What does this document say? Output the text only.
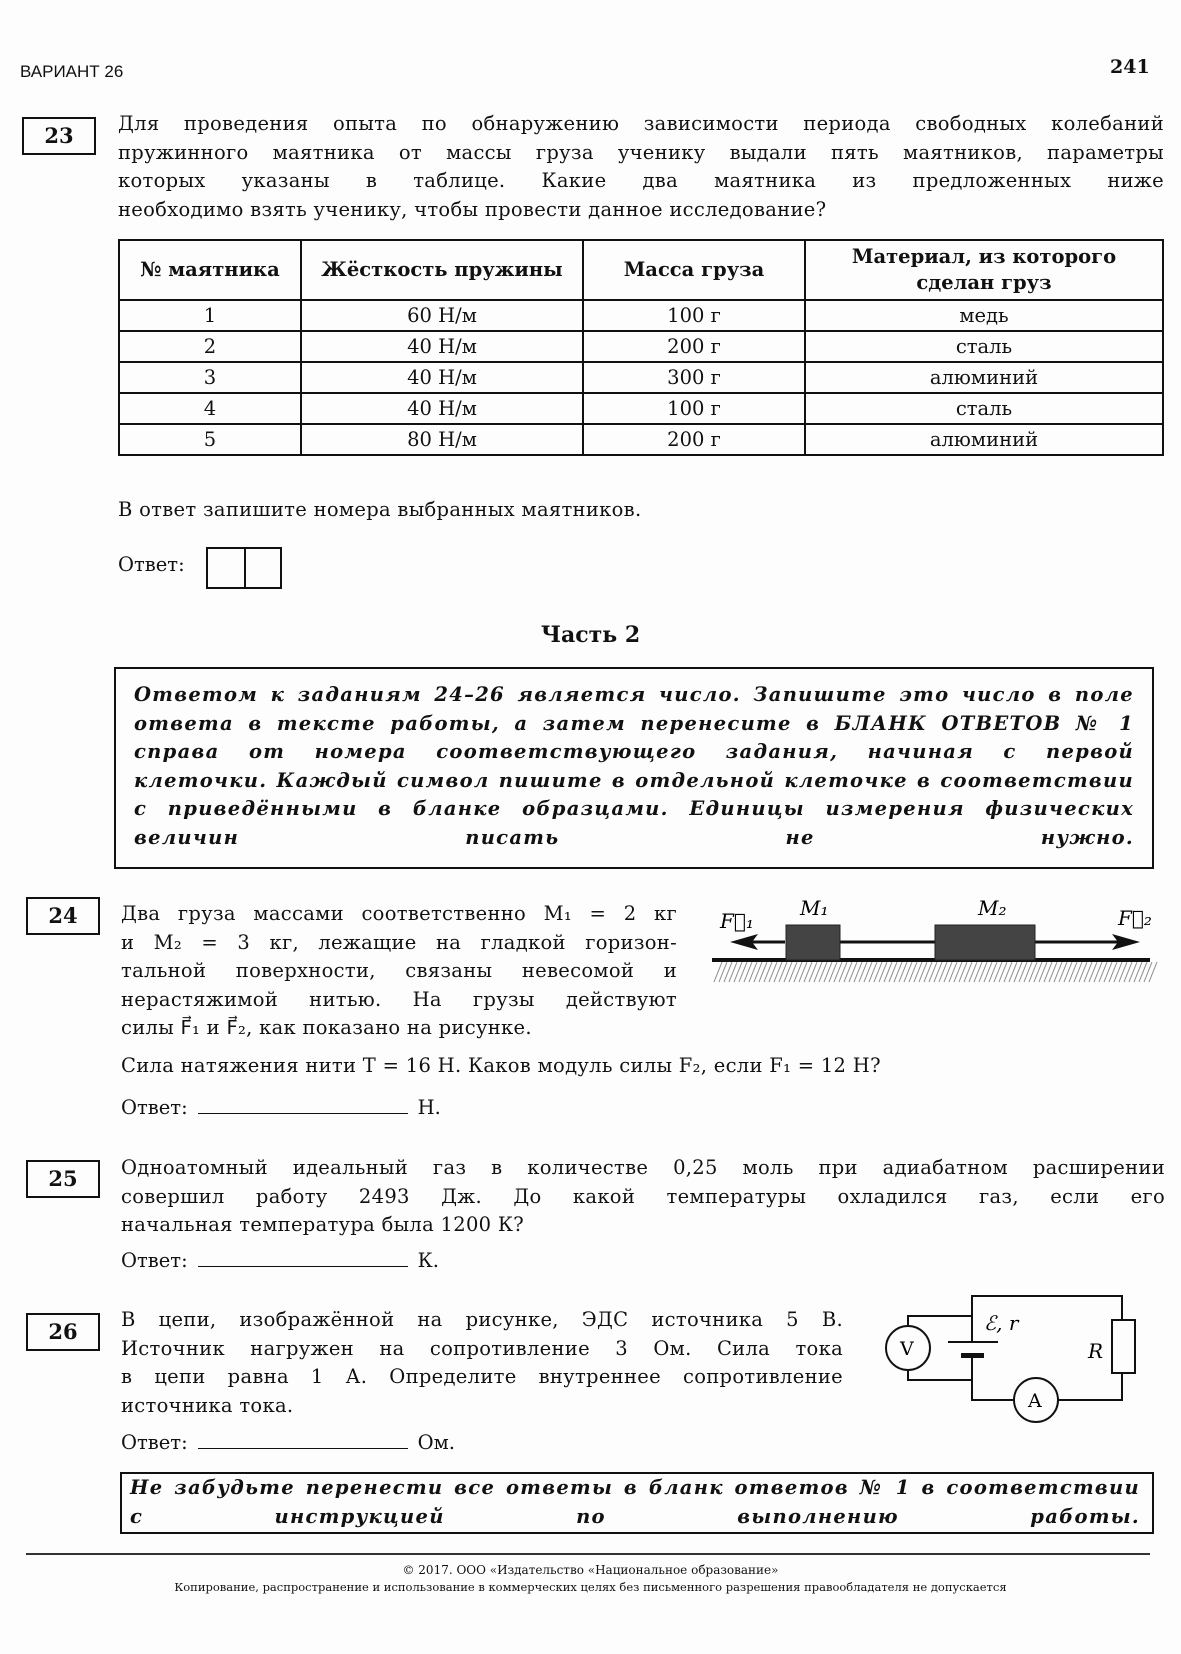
ВАРИАНТ 26	241
23	Для проведения опыта по обнаружению зависимости периода свободных колебаний
пружинного маятника от массы груза ученику выдали пять маятников, параметры
которых указаны в таблице. Какие два маятника из предложенных ниже
необходимо взять ученику, чтобы провести данное исследование?
№ маятника	Жёсткость пружины	Масса груза	Материал, из которого сделан груз
1	60 Н/м	100 г	медь
2	40 Н/м	200 г	сталь
3	40 Н/м	300 г	алюминий
4	40 Н/м	100 г	сталь
5	80 Н/м	200 г	алюминий
В ответ запишите номера выбранных маятников.
Ответ:
Часть 2
Ответом к заданиям 24–26 является число. Запишите это число в поле
ответа в тексте работы, а затем перенесите в БЛАНК ОТВЕТОВ № 1
справа от номера соответствующего задания, начиная с первой
клеточки. Каждый символ пишите в отдельной клеточке в соответствии
с приведёнными в бланке образцами. Единицы измерения физических
величин писать не нужно.
24	Два груза массами соответственно M₁ = 2 кг
и M₂ = 3 кг, лежащие на гладкой горизон-
тальной поверхности, связаны невесомой и
нерастяжимой нитью. На грузы действуют
силы F⃗₁ и F⃗₂, как показано на рисунке.
Сила натяжения нити T = 16 Н. Каков модуль силы F₂, если F₁ = 12 Н?
Ответ:	Н.
F⃗₁
M₁	M₂	F⃗₂
25	Одноатомный идеальный газ в количестве 0,25 моль при адиабатном расширении
совершил работу 2493 Дж. До какой температуры охладился газ, если его
начальная температура была 1200 К?
Ответ:	К.
26	В цепи, изображённой на рисунке, ЭДС источника 5 В.
Источник нагружен на сопротивление 3 Ом. Сила тока
в цепи равна 1 А. Определите внутреннее сопротивление
источника тока.
Ответ:	Ом.
ℰ, r
R
V
A
Не забудьте перенести все ответы в бланк ответов № 1 в соответствии
с инструкцией по выполнению работы.
© 2017. ООО «Издательство «Национальное образование»
Копирование, распространение и использование в коммерческих целях без письменного разрешения правообладателя не допускается
